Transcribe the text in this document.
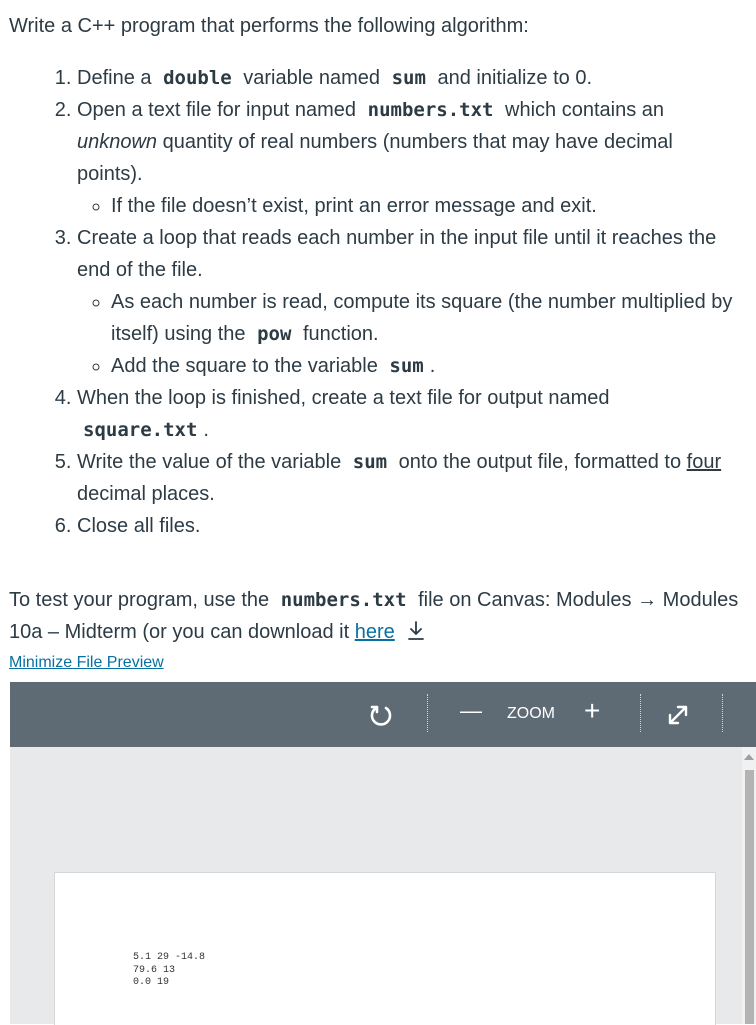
Write a C++ program that performs the following algorithm:
1. Define a double variable named sum and initialize to 0.
2. Open a text file for input named numbers.txt which contains an unknown quantity of real numbers (numbers that may have decimal points).
◦ If the file doesn’t exist, print an error message and exit.
3. Create a loop that reads each number in the input file until it reaches the end of the file.
◦ As each number is read, compute its square (the number multiplied by itself) using the pow function.
◦ Add the square to the variable sum .
4. When the loop is finished, create a text file for output named square.txt .
5. Write the value of the variable sum onto the output file, formatted to four decimal places.
6. Close all files.
To test your program, use the numbers.txt file on Canvas: Modules → Modules 10a – Midterm (or you can download it here
Minimize File Preview
— ZOOM +
5.1 29 -14.8
79.6 13
0.0 19
